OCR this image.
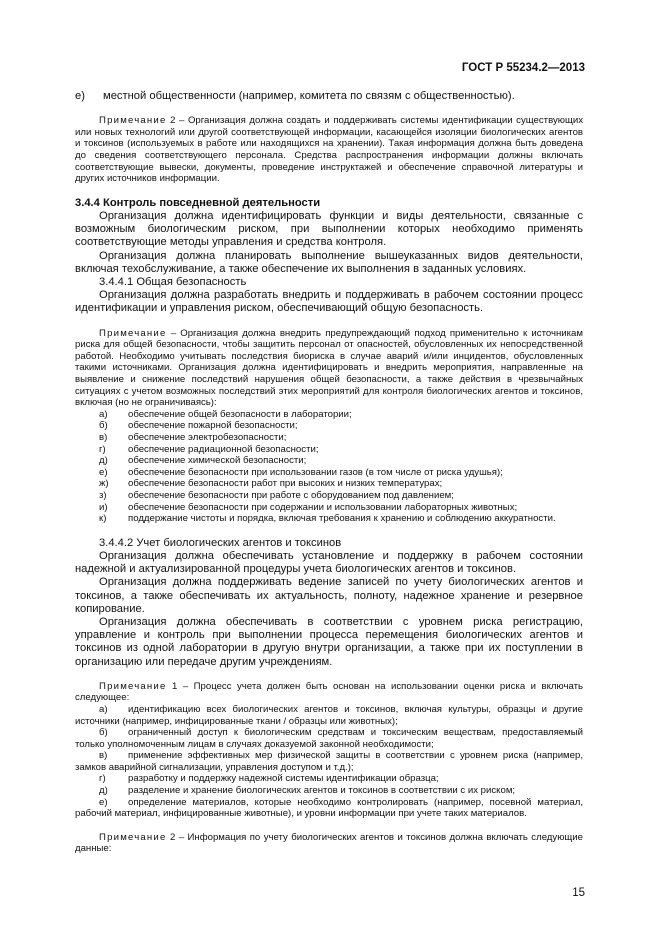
ГОСТ Р 55234.2—2013
е)	местной общественности (например, комитета по связям с общественностью).

Примечание 2 – Организация должна создать и поддерживать системы идентификации существующих или новых технологий или другой соответствующей информации, касающейся изоляции биологических агентов и токсинов (используемых в работе или находящихся на хранении). Такая информация должна быть доведена до сведения соответствующего персонала. Средства распространения информации должны включать соответствующие вывески, документы, проведение инструктажей и обеспечение справочной литературы и других источников информации.

3.4.4 Контроль повседневной деятельности

Организация должна идентифицировать функции и виды деятельности, связанные с возможным биологическим риском, при выполнении которых необходимо применять соответствующие методы управления и средства контроля.

Организация должна планировать выполнение вышеуказанных видов деятельности, включая техобслуживание, а также обеспечение их выполнения в заданных условиях.

3.4.4.1 Общая безопасность

Организация должна разработать внедрить и поддерживать в рабочем состоянии процесс идентификации и управления риском, обеспечивающий общую безопасность.

Примечание – Организация должна внедрить предупреждающий подход применительно к источникам риска для общей безопасности, чтобы защитить персонал от опасностей, обусловленных их непосредственной работой. Необходимо учитывать последствия биориска в случае аварий и/или инцидентов, обусловленных такими источниками. Организация должна идентифицировать и внедрить мероприятия, направленные на выявление и снижение последствий нарушения общей безопасности, а также действия в чрезвычайных ситуациях с учетом возможных последствий этих мероприятий для контроля биологических агентов и токсинов, включая (но не ограничиваясь):

а)	обеспечение общей безопасности в лаборатории;
б)	обеспечение пожарной безопасности;
в)	обеспечение электробезопасности;
г)	обеспечение радиационной безопасности;
д)	обеспечение химической безопасности;
е)	обеспечение безопасности при использовании газов (в том числе от риска удушья);
ж)	обеспечение безопасности работ при высоких и низких температурах;
з)	обеспечение безопасности при работе с оборудованием под давлением;
и)	обеспечение безопасности при содержании и использовании лабораторных животных;
к)	поддержание чистоты и порядка, включая требования к хранению и соблюдению аккуратности.

3.4.4.2 Учет биологических агентов и токсинов

Организация должна обеспечивать установление и поддержку в рабочем состоянии надежной и актуализированной процедуры учета биологических агентов и токсинов.

Организация должна поддерживать ведение записей по учету биологических агентов и токсинов, а также обеспечивать их актуальность, полноту, надежное хранение и резервное копирование.

Организация должна обеспечивать в соответствии с уровнем риска регистрацию, управление и контроль при выполнении процесса перемещения биологических агентов и токсинов из одной лаборатории в другую внутри организации, а также при их поступлении в организацию или передаче другим учреждениям.

Примечание 1 – Процесс учета должен быть основан на использовании оценки риска и включать следующее:

а) идентификацию всех биологических агентов и токсинов, включая культуры, образцы и другие источники (например, инфицированные ткани / образцы или животных);
б) ограниченный доступ к биологическим средствам и токсическим веществам, предоставляемый только уполномоченным лицам в случаях доказуемой законной необходимости;
в) применение эффективных мер физической защиты в соответствии с уровнем риска (например, замков аварийной сигнализации, управления доступом и т.д.);
г) разработку и поддержку надежной системы идентификации образца;
д) разделение и хранение биологических агентов и токсинов в соответствии с их риском;
е) определение материалов, которые необходимо контролировать (например, посевной материал, рабочий материал, инфицированные животные), и уровни информации при учете таких материалов.

Примечание 2 – Информация по учету биологических агентов и токсинов должна включать следующие данные:

15
